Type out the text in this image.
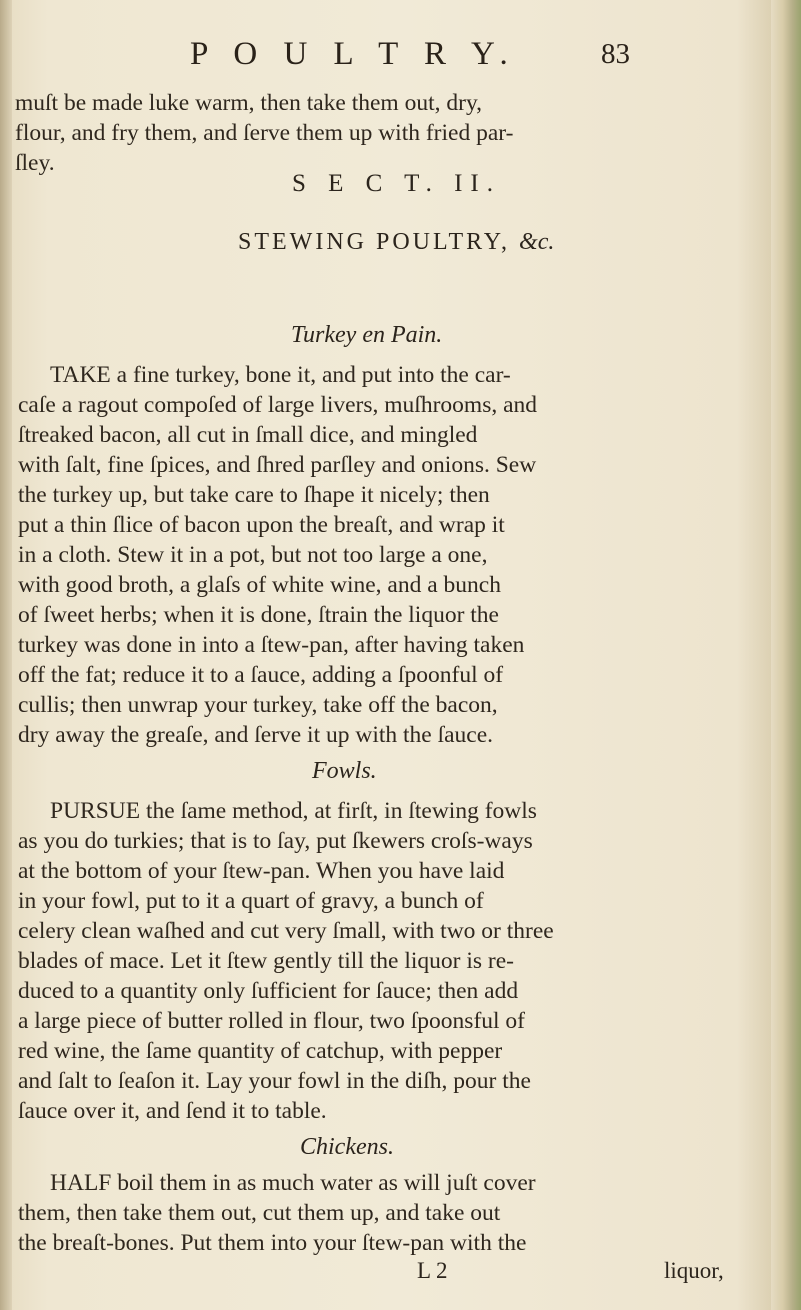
P O U L T R Y.	83
muſt be made luke warm, then take them out, dry,
flour, and fry them, and ſerve them up with fried par-
ſley.
S E C T. II.
STEWING POULTRY, &c.
Turkey en Pain.
TAKE a fine turkey, bone it, and put into the car-
caſe a ragout compoſed of large livers, muſhrooms, and
ſtreaked bacon, all cut in ſmall dice, and mingled
with ſalt, fine ſpices, and ſhred parſley and onions. Sew
the turkey up, but take care to ſhape it nicely; then
put a thin ſlice of bacon upon the breaſt, and wrap it
in a cloth. Stew it in a pot, but not too large a one,
with good broth, a glaſs of white wine, and a bunch
of ſweet herbs; when it is done, ſtrain the liquor the
turkey was done in into a ſtew-pan, after having taken
off the fat; reduce it to a ſauce, adding a ſpoonful of
cullis; then unwrap your turkey, take off the bacon,
dry away the greaſe, and ſerve it up with the ſauce.
Fowls.
PURSUE the ſame method, at firſt, in ſtewing fowls
as you do turkies; that is to ſay, put ſkewers croſs-ways
at the bottom of your ſtew-pan. When you have laid
in your fowl, put to it a quart of gravy, a bunch of
celery clean waſhed and cut very ſmall, with two or three
blades of mace. Let it ſtew gently till the liquor is re-
duced to a quantity only ſufficient for ſauce; then add
a large piece of butter rolled in flour, two ſpoonsful of
red wine, the ſame quantity of catchup, with pepper
and ſalt to ſeaſon it. Lay your fowl in the diſh, pour the
ſauce over it, and ſend it to table.
Chickens.
HALF boil them in as much water as will juſt cover
them, then take them out, cut them up, and take out
the breaſt-bones. Put them into your ſtew-pan with the
L 2	liquor,
